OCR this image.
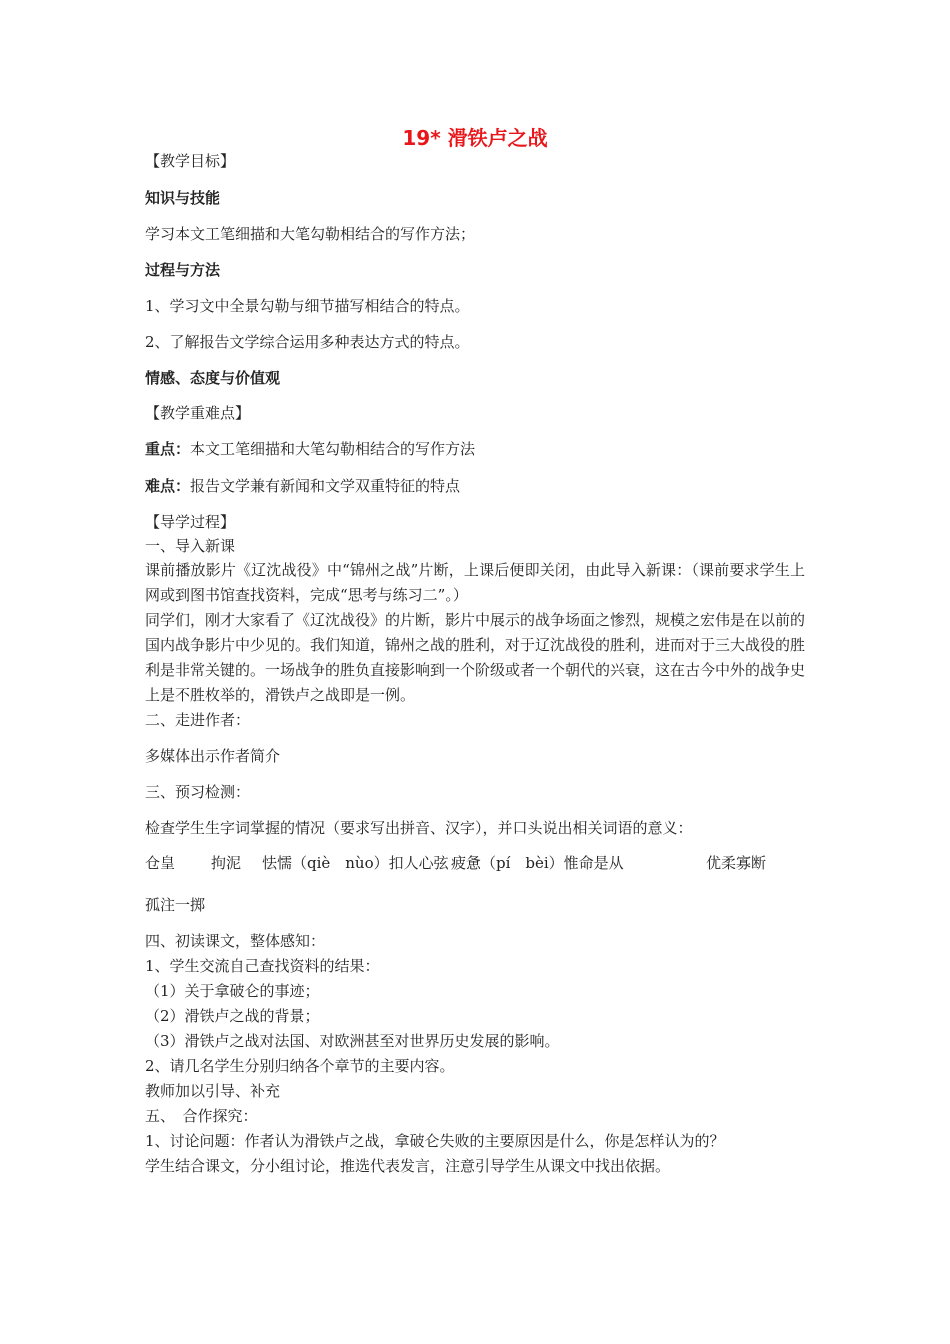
19* 滑铁卢之战
【教学目标】
知识与技能
学习本文工笔细描和大笔勾勒相结合的写作方法；
过程与方法
1、学习文中全景勾勒与细节描写相结合的特点。
2、了解报告文学综合运用多种表达方式的特点。
情感、态度与价值观
【教学重难点】
重点：本文工笔细描和大笔勾勒相结合的写作方法
难点：报告文学兼有新闻和文学双重特征的特点
【导学过程】
一、导入新课
课前播放影片《辽沈战役》中“锦州之战”片断，上课后便即关闭，由此导入新课：（课前要求学生上网或到图书馆查找资料，完成“思考与练习二”。）
同学们，刚才大家看了《辽沈战役》的片断，影片中展示的战争场面之惨烈，规模之宏伟是在以前的国内战争影片中少见的。我们知道，锦州之战的胜利，对于辽沈战役的胜利，进而对于三大战役的胜利是非常关键的。一场战争的胜负直接影响到一个阶级或者一个朝代的兴衰，这在古今中外的战争史上是不胜枚举的，滑铁卢之战即是一例。
二、走进作者：
多媒体出示作者简介
三、预习检测：
检查学生生字词掌握的情况（要求写出拼音、汉字），并口头说出相关词语的意义：
仓皇 拘泥 怯懦（qiè　nùo）扣人心弦 疲惫（pí　bèi）惟命是从	优柔寡断
孤注一掷
四、初读课文，整体感知：
1、学生交流自己查找资料的结果：
（1）关于拿破仑的事迹；
（2）滑铁卢之战的背景；
（3）滑铁卢之战对法国、对欧洲甚至对世界历史发展的影响。
2、请几名学生分别归纳各个章节的主要内容。
教师加以引导、补充
五、　合作探究：
1、讨论问题：作者认为滑铁卢之战，拿破仑失败的主要原因是什么，你是怎样认为的？
学生结合课文，分小组讨论，推选代表发言，注意引导学生从课文中找出依据。
